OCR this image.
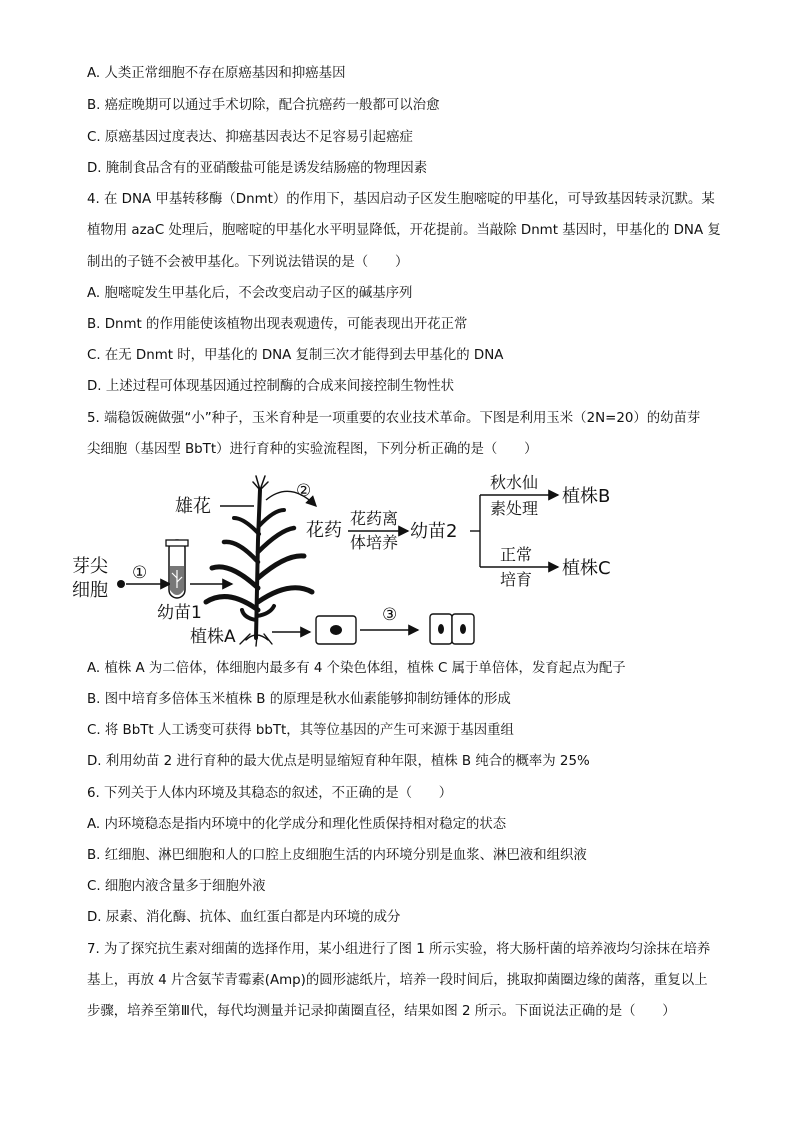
A. 人类正常细胞不存在原癌基因和抑癌基因
B. 癌症晚期可以通过手术切除，配合抗癌药一般都可以治愈
C. 原癌基因过度表达、抑癌基因表达不足容易引起癌症
D. 腌制食品含有的亚硝酸盐可能是诱发结肠癌的物理因素
4. 在 DNA 甲基转移酶（Dnmt）的作用下，基因启动子区发生胞嘧啶的甲基化，可导致基因转录沉默。某
植物用 azaC 处理后，胞嘧啶的甲基化水平明显降低，开花提前。当敲除 Dnmt 基因时，甲基化的 DNA 复
制出的子链不会被甲基化。下列说法错误的是（　　）
A. 胞嘧啶发生甲基化后，不会改变启动子区的碱基序列
B. Dnmt 的作用能使该植物出现表观遗传，可能表现出开花正常
C. 在无 Dnmt 时，甲基化的 DNA 复制三次才能得到去甲基化的 DNA
D. 上述过程可体现基因通过控制酶的合成来间接控制生物性状
5. 端稳饭碗做强“小”种子，玉米育种是一项重要的农业技术革命。下图是利用玉米（2N=20）的幼苗芽
尖细胞（基因型 BbTt）进行育种的实验流程图，下列分析正确的是（　　）
芽尖
细胞
①
幼苗1
雄花
植株A
②
花药
花药离
体培养
幼苗2
秋水仙
素处理
正常
培育
植株B
植株C
③
A. 植株 A 为二倍体，体细胞内最多有 4 个染色体组，植株 C 属于单倍体，发育起点为配子
B. 图中培育多倍体玉米植株 B 的原理是秋水仙素能够抑制纺锤体的形成
C. 将 BbTt 人工诱变可获得 bbTt，其等位基因的产生可来源于基因重组
D. 利用幼苗 2 进行育种的最大优点是明显缩短育种年限，植株 B 纯合的概率为 25%
6. 下列关于人体内环境及其稳态的叙述，不正确的是（　　）
A. 内环境稳态是指内环境中的化学成分和理化性质保持相对稳定的状态
B. 红细胞、淋巴细胞和人的口腔上皮细胞生活的内环境分别是血浆、淋巴液和组织液
C. 细胞内液含量多于细胞外液
D. 尿素、消化酶、抗体、血红蛋白都是内环境的成分
7. 为了探究抗生素对细菌的选择作用，某小组进行了图 1 所示实验，将大肠杆菌的培养液均匀涂抹在培养
基上，再放 4 片含氨苄青霉素(Amp)的圆形滤纸片，培养一段时间后，挑取抑菌圈边缘的菌落，重复以上
步骤，培养至第Ⅲ代，每代均测量并记录抑菌圈直径，结果如图 2 所示。下面说法正确的是（　　）
